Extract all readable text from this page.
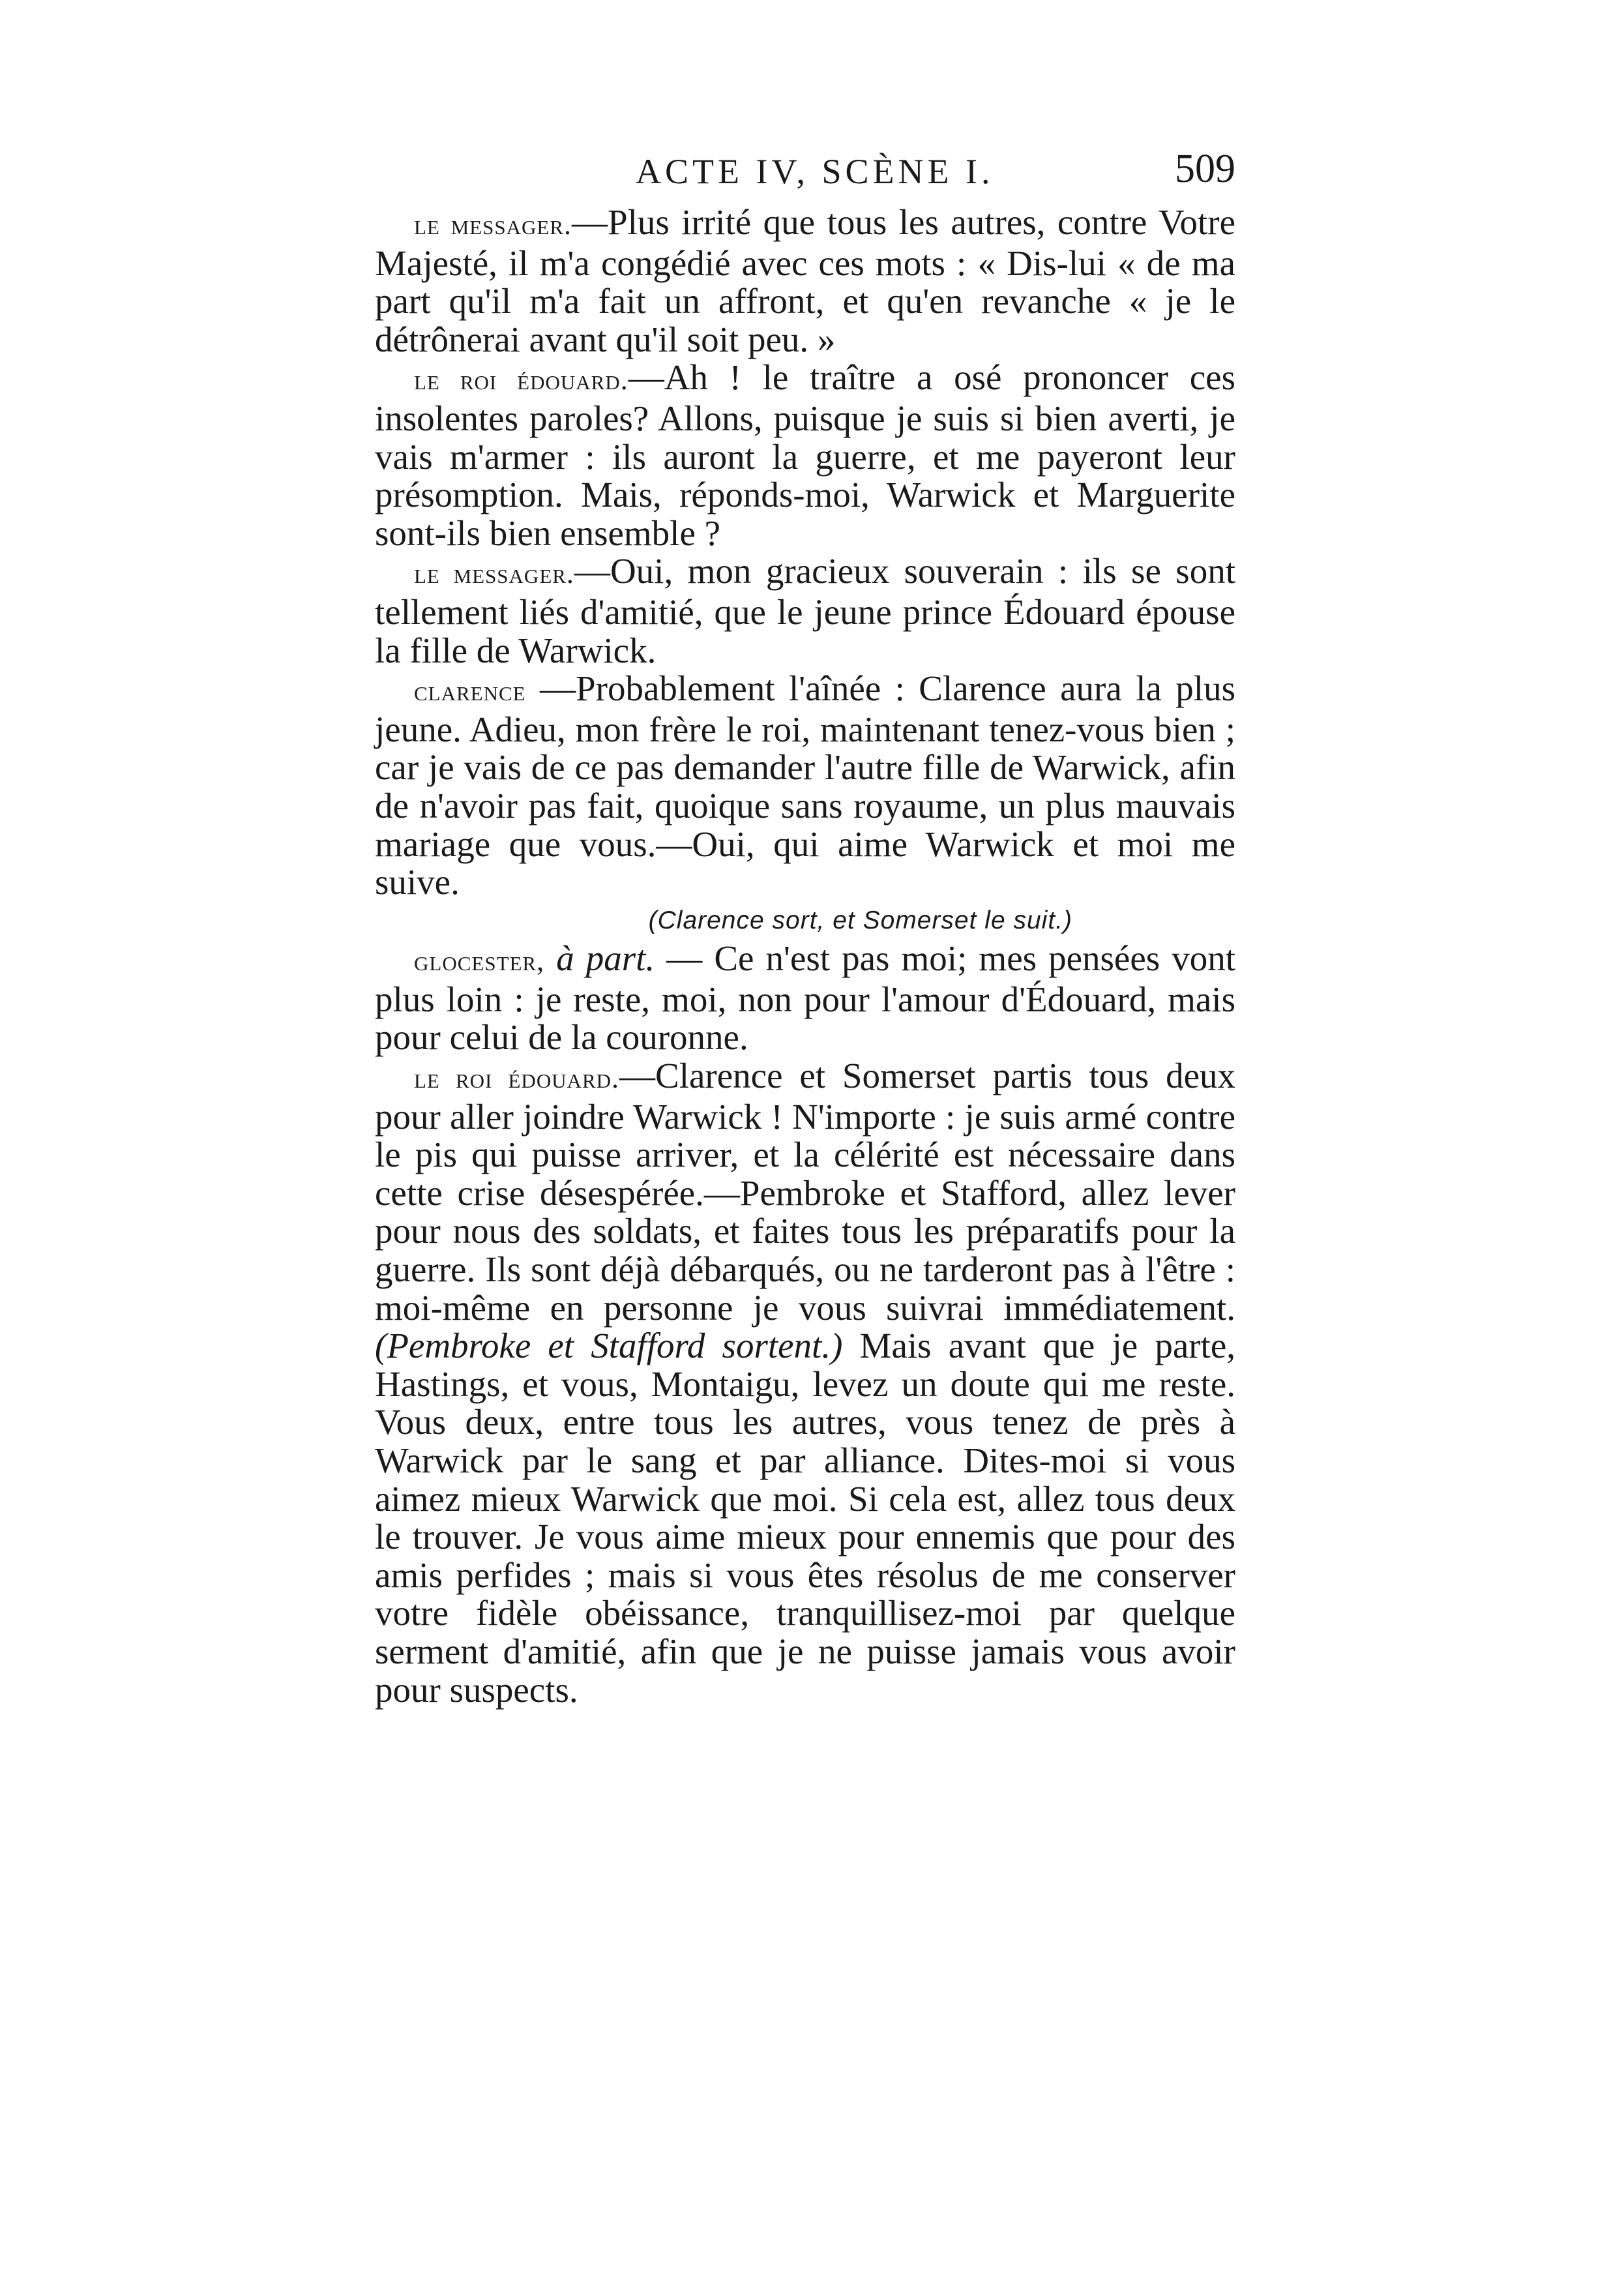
ACTE IV, SCÈNE I.	509

le messager.—Plus irrité que tous les autres, contre Votre Majesté, il m'a congédié avec ces mots : « Dis-lui « de ma part qu'il m'a fait un affront, et qu'en revanche « je le détrônerai avant qu'il soit peu. »

le roi édouard.—Ah ! le traître a osé prononcer ces insolentes paroles? Allons, puisque je suis si bien averti, je vais m'armer : ils auront la guerre, et me payeront leur présomption. Mais, réponds-moi, Warwick et Marguerite sont-ils bien ensemble ?

le messager.—Oui, mon gracieux souverain : ils se sont tellement liés d'amitié, que le jeune prince Édouard épouse la fille de Warwick.

clarence —Probablement l'aînée : Clarence aura la plus jeune. Adieu, mon frère le roi, maintenant tenez-vous bien ; car je vais de ce pas demander l'autre fille de Warwick, afin de n'avoir pas fait, quoique sans royaume, un plus mauvais mariage que vous.—Oui, qui aime Warwick et moi me suive.

(Clarence sort, et Somerset le suit.)

glocester, à part. — Ce n'est pas moi; mes pensées vont plus loin : je reste, moi, non pour l'amour d'Édouard, mais pour celui de la couronne.

le roi édouard.—Clarence et Somerset partis tous deux pour aller joindre Warwick ! N'importe : je suis armé contre le pis qui puisse arriver, et la célérité est nécessaire dans cette crise désespérée.—Pembroke et Stafford, allez lever pour nous des soldats, et faites tous les préparatifs pour la guerre. Ils sont déjà débarqués, ou ne tarderont pas à l'être : moi-même en personne je vous suivrai immédiatement. (Pembroke et Stafford sortent.) Mais avant que je parte, Hastings, et vous, Montaigu, levez un doute qui me reste. Vous deux, entre tous les autres, vous tenez de près à Warwick par le sang et par alliance. Dites-moi si vous aimez mieux Warwick que moi. Si cela est, allez tous deux le trouver. Je vous aime mieux pour ennemis que pour des amis perfides ; mais si vous êtes résolus de me conserver votre fidèle obéissance, tranquillisez-moi par quelque serment d'amitié, afin que je ne puisse jamais vous avoir pour suspects.
